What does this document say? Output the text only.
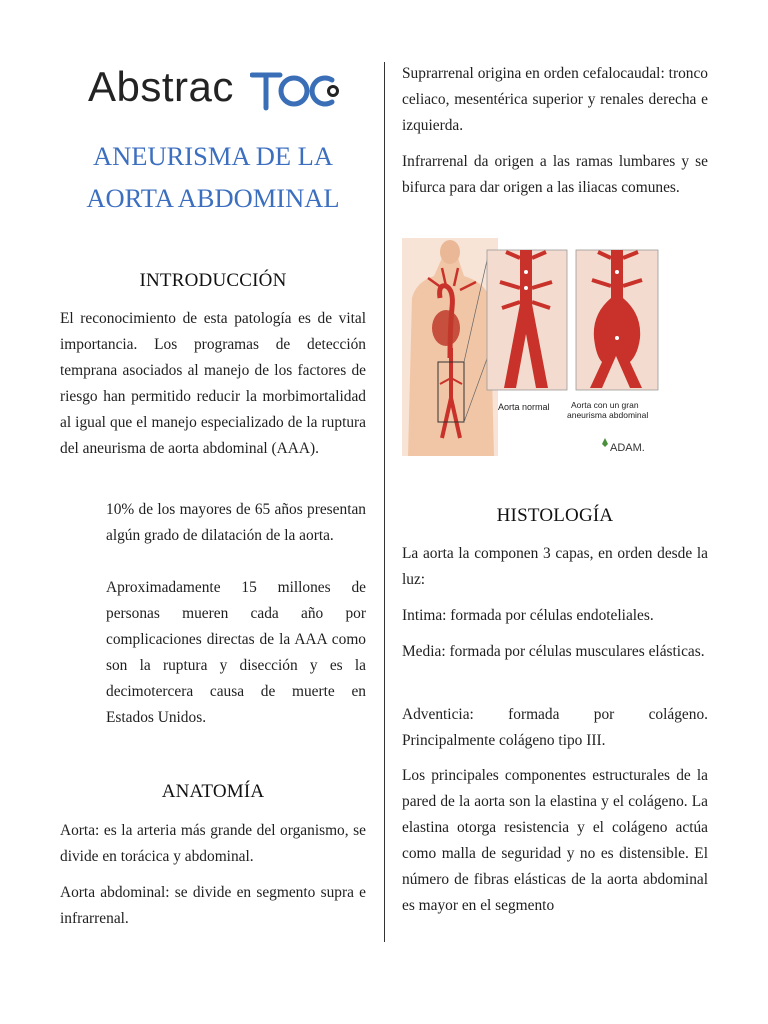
Abstrac	TOC
ANEURISMA DE LA
AORTA ABDOMINAL
INTRODUCCIÓN

El reconocimiento de esta patología es de vital importancia. Los programas de detección temprana asociados al manejo de los factores de riesgo han permitido reducir la morbimortalidad al igual que el manejo especializado de la ruptura del aneurisma de aorta abdominal (AAA).

10% de los mayores de 65 años presentan algún grado de dilatación de la aorta.

Aproximadamente 15 millones de personas mueren cada año por complicaciones directas de la AAA como son la ruptura y disección y es la decimotercera causa de muerte en Estados Unidos.

ANATOMÍA

Aorta: es la arteria más grande del organismo, se divide en torácica y abdominal.

Aorta abdominal: se divide en segmento supra e infrarrenal.

Suprarrenal origina en orden cefalocaudal: tronco celiaco, mesentérica superior y renales derecha e izquierda.

Infrarrenal da origen a las ramas lumbares y se bifurca para dar origen a las iliacas comunes.

Aorta normal	Aorta con un gran
aneurisma abdominal
ADAM.
HISTOLOGÍA

La aorta la componen 3 capas, en orden desde la luz:

Intima: formada por células endoteliales.

Media: formada por células musculares elásticas.

Adventicia: formada por colágeno. Principalmente colágeno tipo III.

Los principales componentes estructurales de la pared de la aorta son la elastina y el colágeno. La elastina otorga resistencia y el colágeno actúa como malla de seguridad y no es distensible. El número de fibras elásticas de la aorta abdominal es mayor en el segmento
